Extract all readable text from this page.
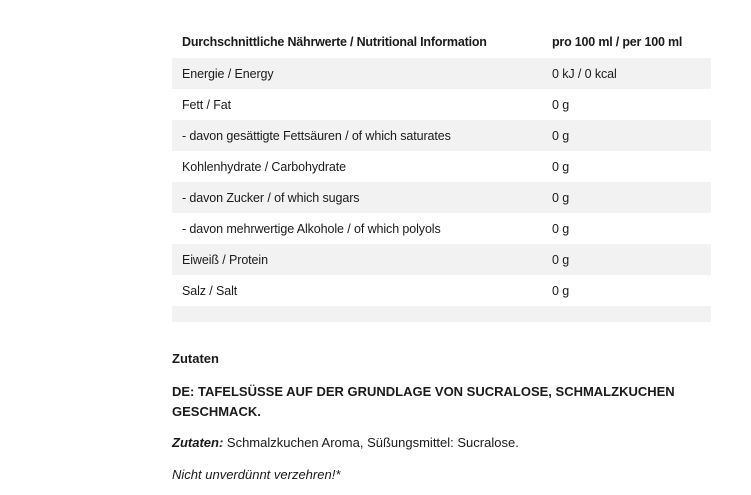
Durchschnittliche Nährwerte / Nutritional Information	pro 100 ml / per 100 ml
Energie / Energy	0 kJ / 0 kcal
Fett / Fat	0 g
- davon gesättigte Fettsäuren / of which saturates	0 g
Kohlenhydrate / Carbohydrate	0 g
- davon Zucker / of which sugars	0 g
- davon mehrwertige Alkohole / of which polyols	0 g
Eiweiß / Protein	0 g
Salz / Salt	0 g

Zutaten

DE: TAFELSÜSSE AUF DER GRUNDLAGE VON SUCRALOSE, SCHMALZKUCHEN GESCHMACK.

Zutaten: Schmalzkuchen Aroma, Süßungsmittel: Sucralose.

Nicht unverdünnt verzehren!*
